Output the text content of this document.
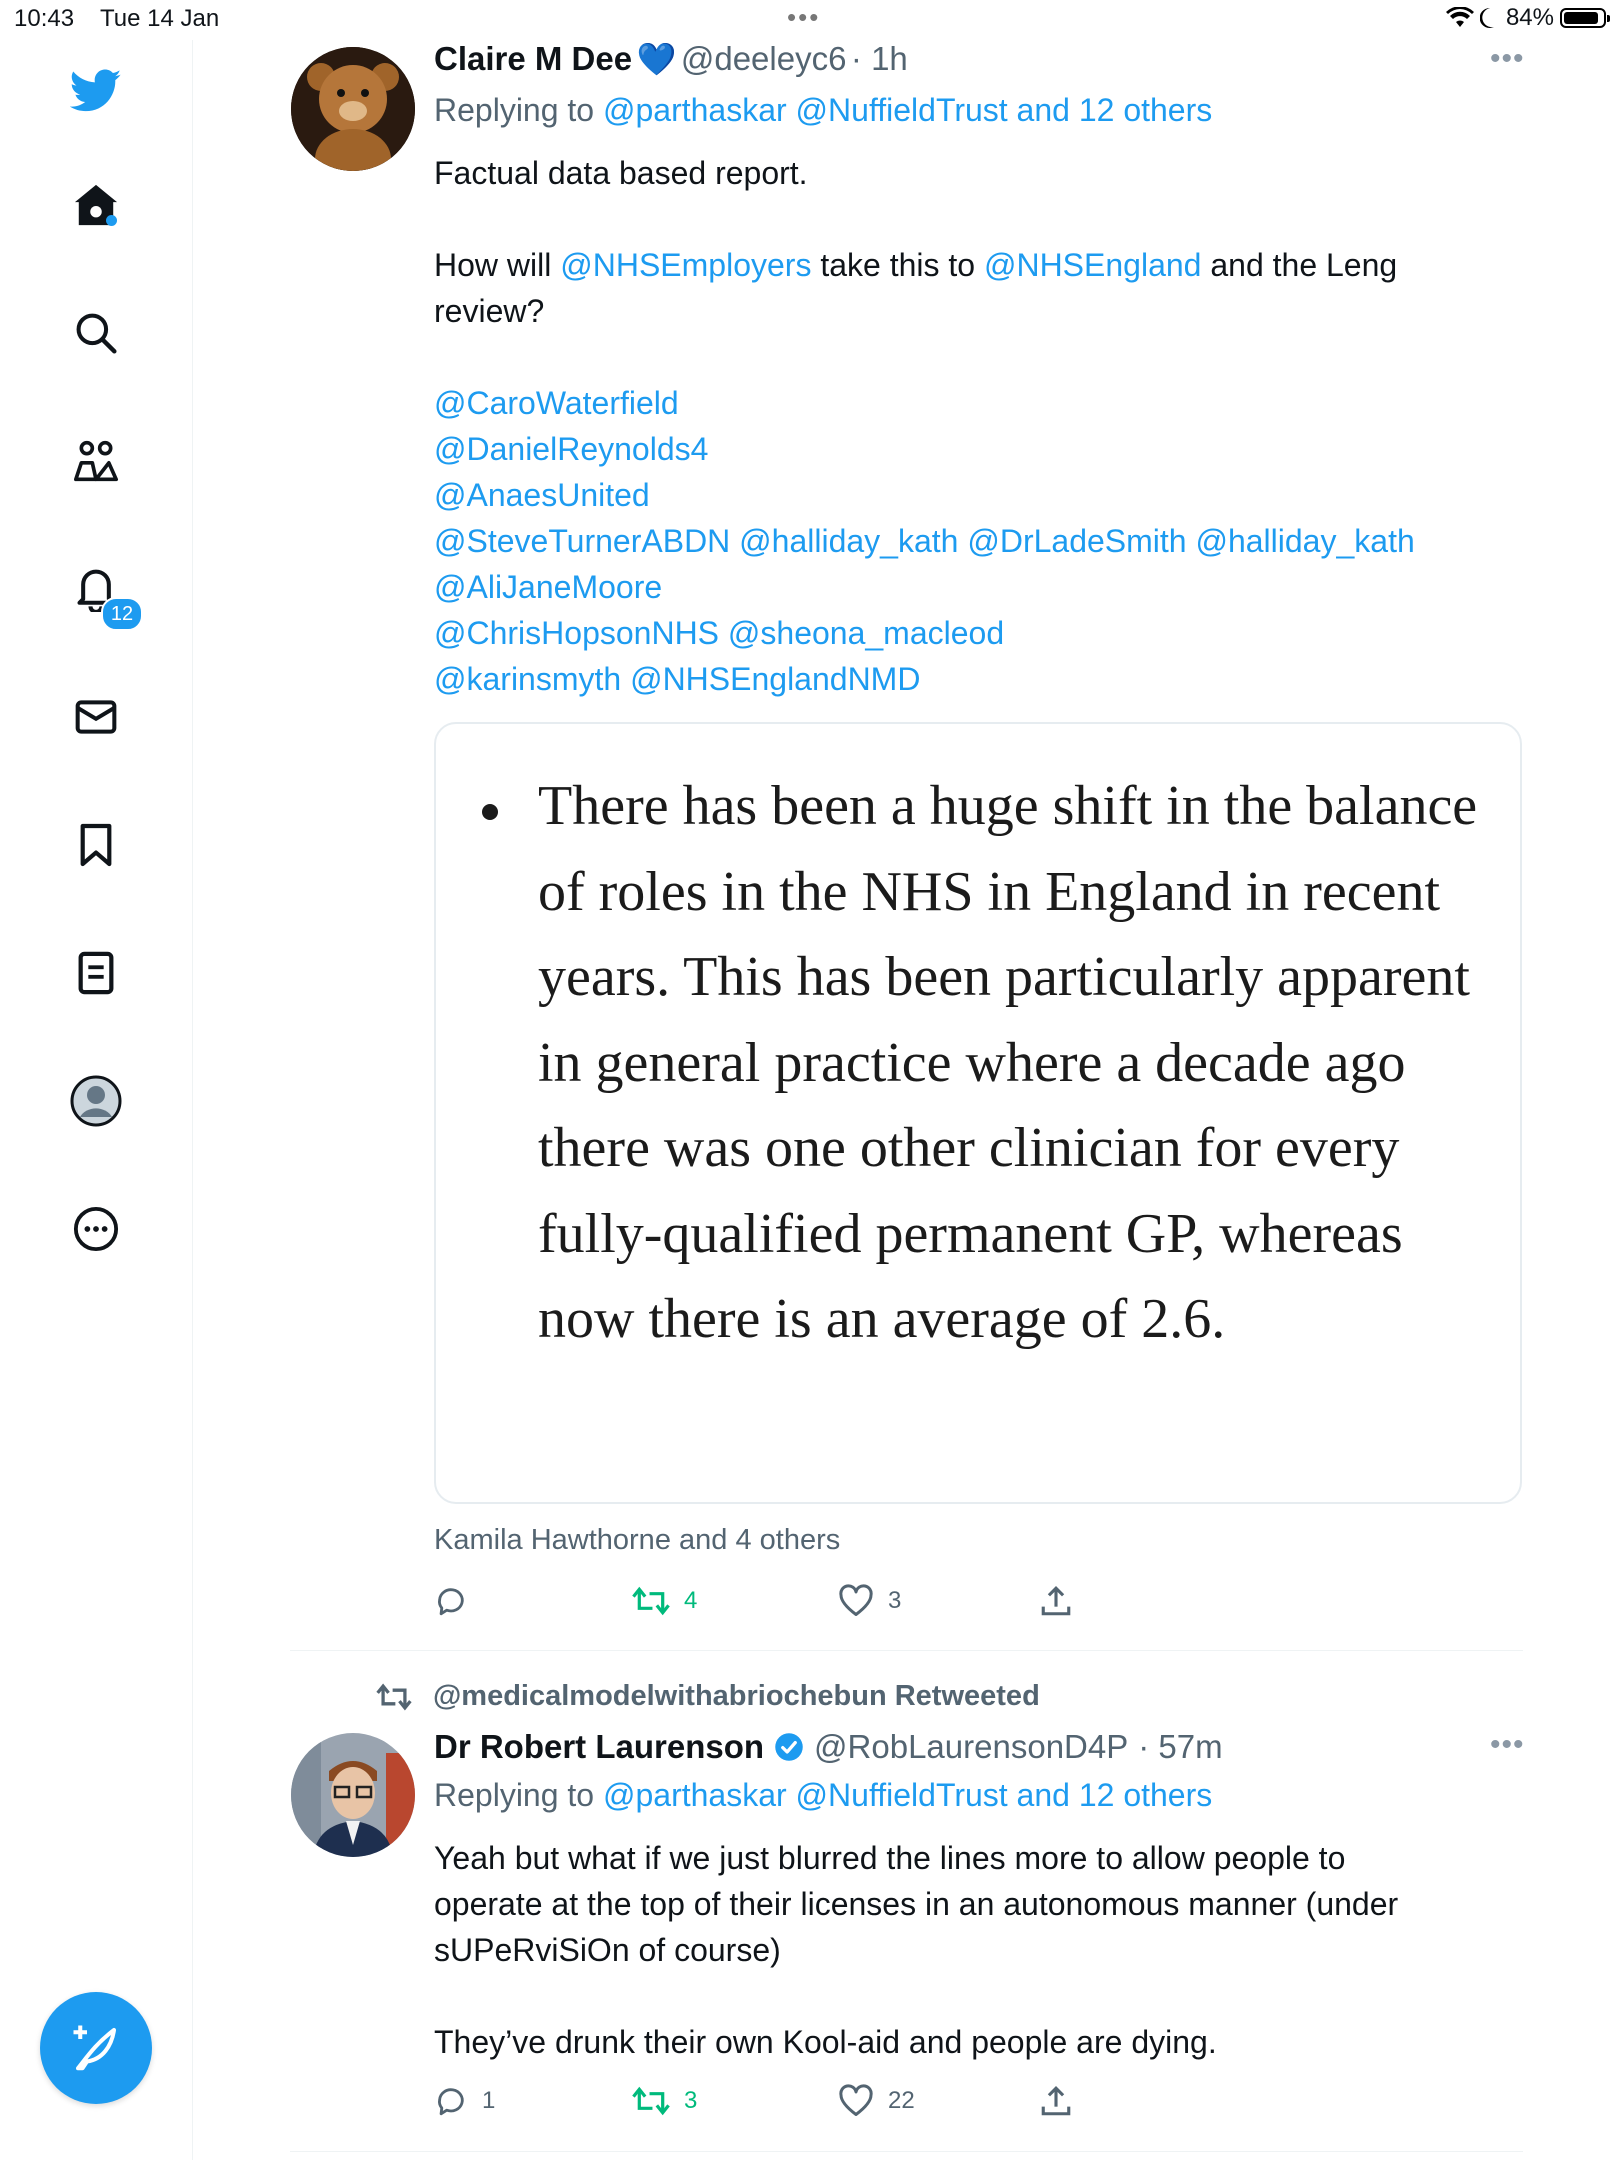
10:43 Tue 14 Jan	•••	84%
12
Claire M Dee 💙 @deeleyc6 · 1h	•••
Replying to @parthaskar @NuffieldTrust and 12 others
Factual data based report.
How will @NHSEmployers take this to @NHSEngland and the Leng
review?
@CaroWaterfield
@DanielReynolds4
@AnaesUnited
@SteveTurnerABDN @halliday_kath @DrLadeSmith @halliday_kath
@AliJaneMoore
@ChrisHopsonNHS @sheona_macleod
@karinsmyth @NHSEnglandNMD
There has been a huge shift in the balance of roles in the NHS in England in recent years. This has been particularly apparent in general practice where a decade ago there was one other clinician for every fully-qualified permanent GP, whereas now there is an average of 2.6.
Kamila Hawthorne and 4 others
4	3
@medicalmodelwithabriochebun Retweeted
Dr Robert Laurenson @RobLaurensonD4P · 57m	•••
Replying to @parthaskar @NuffieldTrust and 12 others
Yeah but what if we just blurred the lines more to allow people to
operate at the top of their licenses in an autonomous manner (under
sUPeRviSiOn of course)
They’ve drunk their own Kool-aid and people are dying.
1	3	22
